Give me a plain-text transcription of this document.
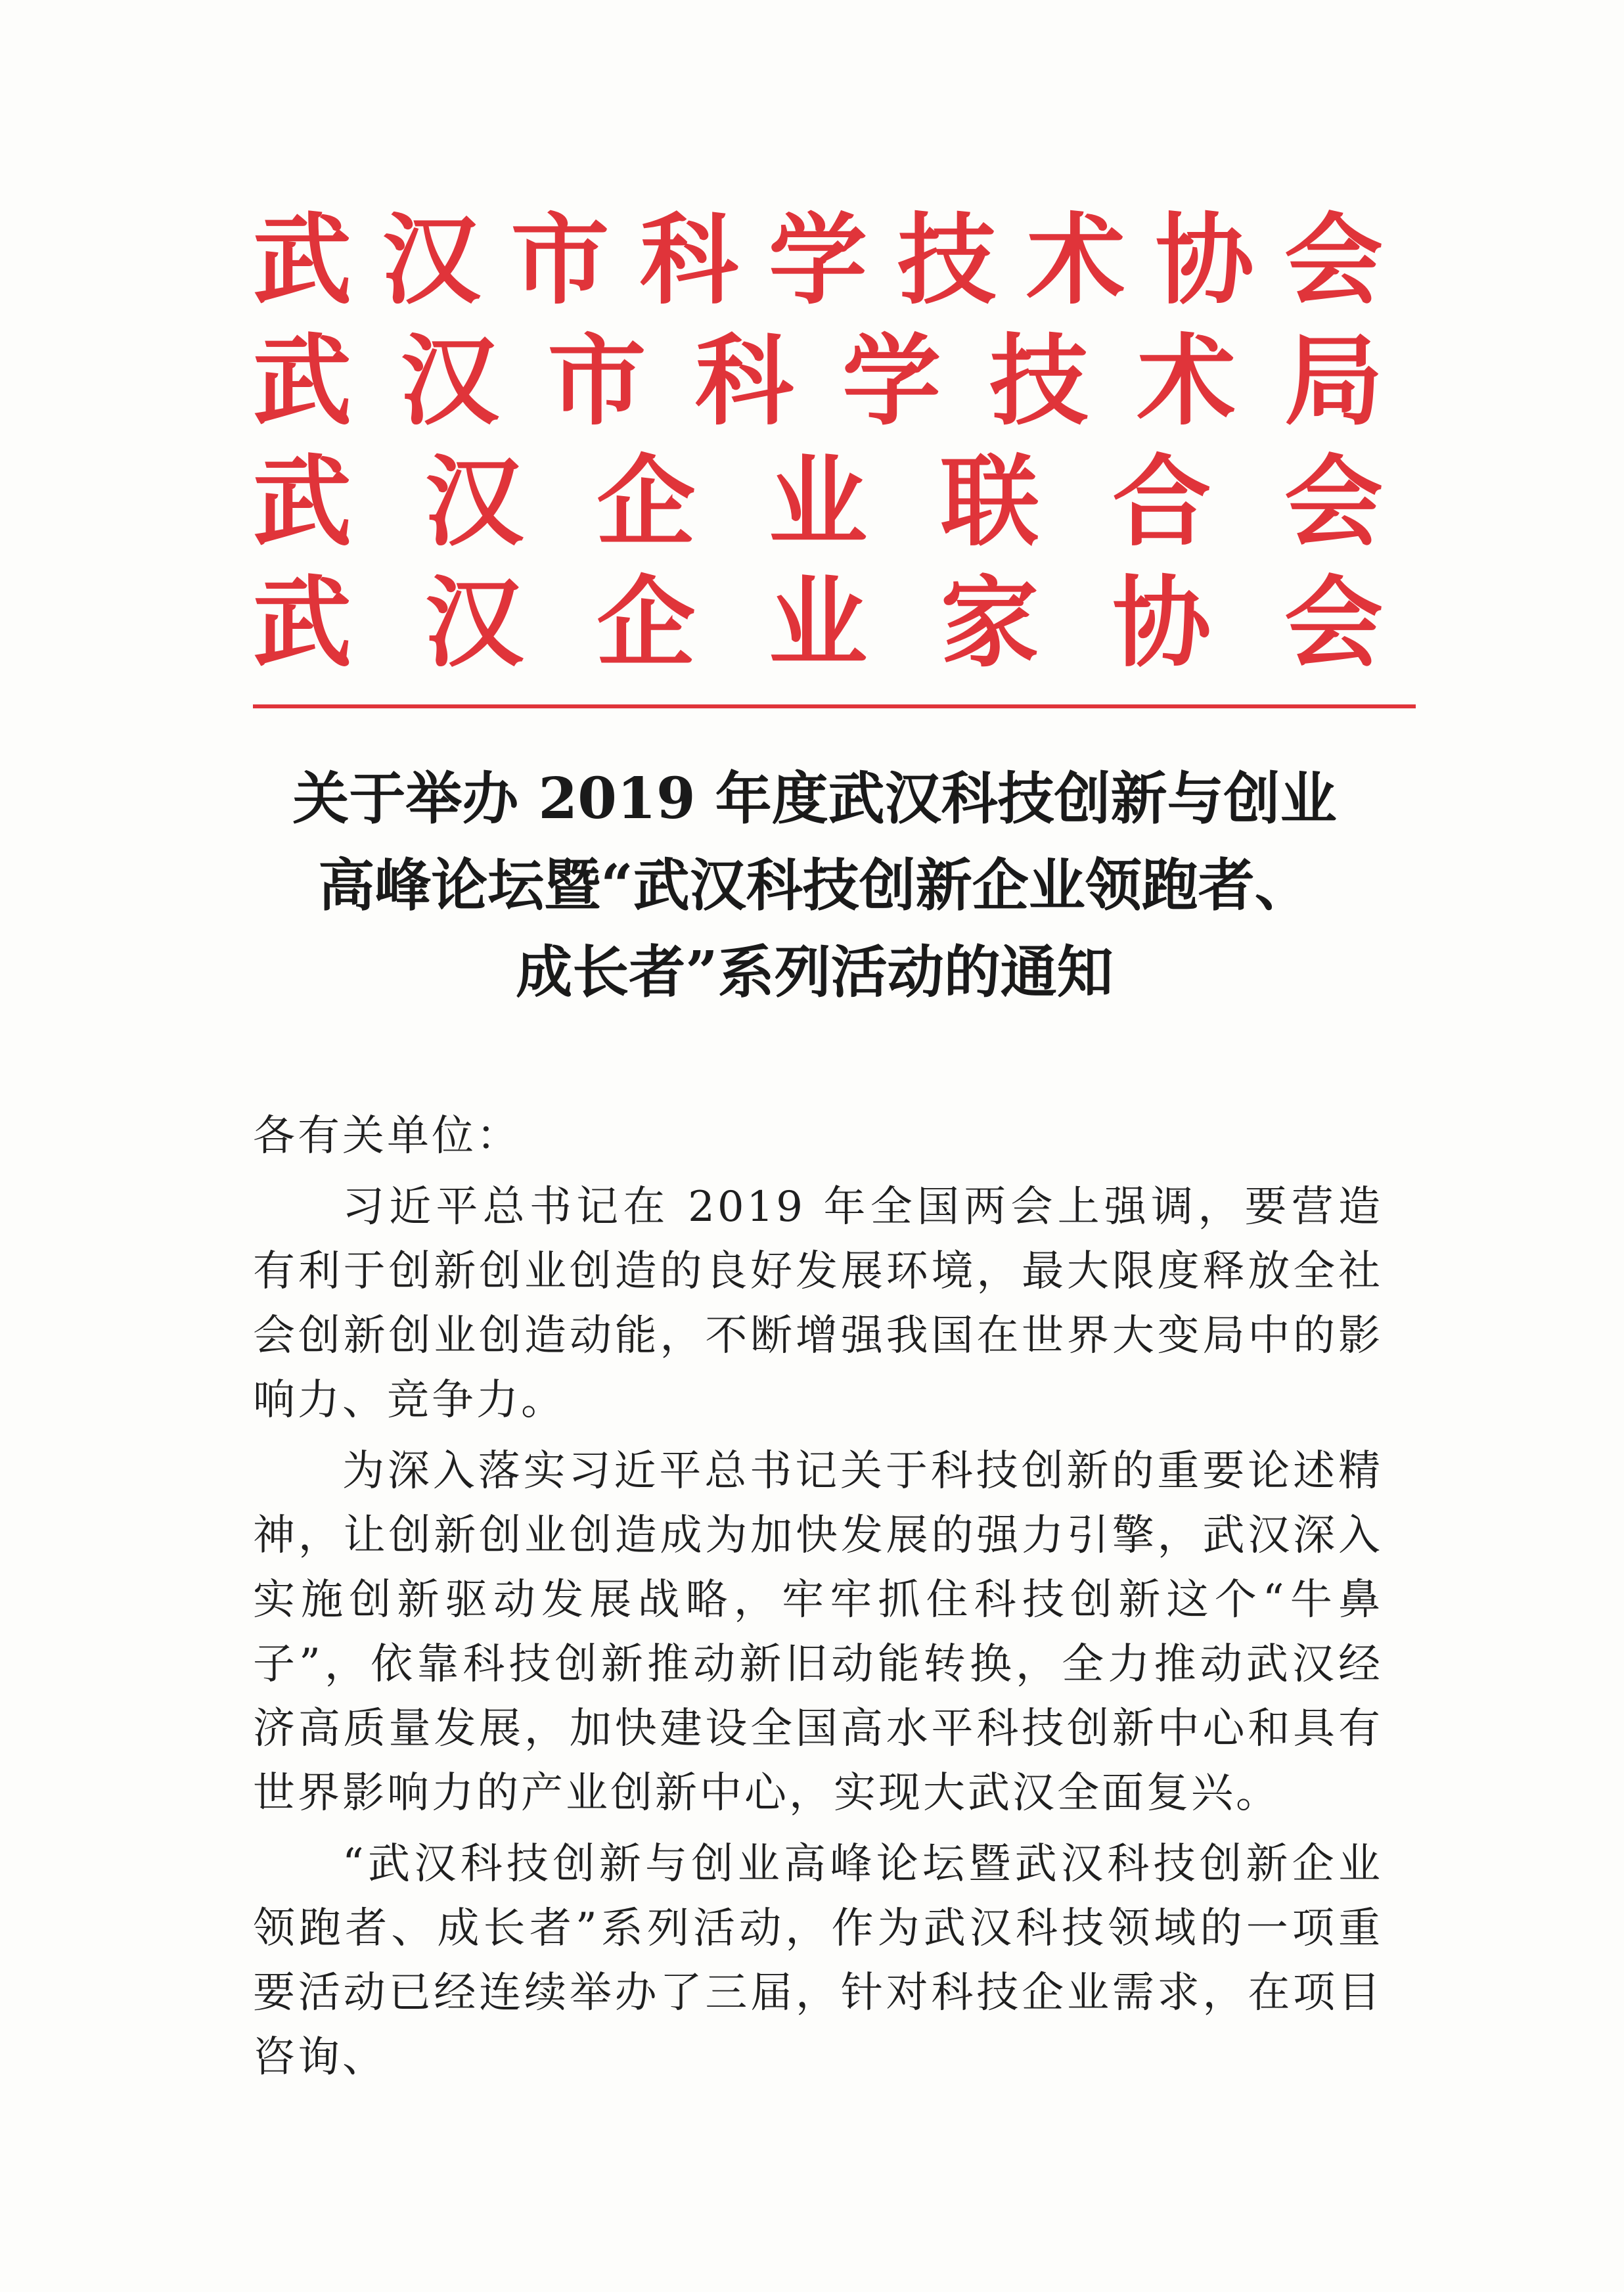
武 汉 市 科 学 技 术 协 会
武 汉 市 科 学 技 术 局
武 汉 企 业 联 合 会
武 汉 企 业 家 协 会
关于举办 2019 年度武汉科技创新与创业
高峰论坛暨“武汉科技创新企业领跑者、
成长者”系列活动的通知
各有关单位：

习近平总书记在 2019 年全国两会上强调，要营造有利于创新创业创造的良好发展环境，最大限度释放全社会创新创业创造动能，不断增强我国在世界大变局中的影响力、竞争力。

为深入落实习近平总书记关于科技创新的重要论述精神，让创新创业创造成为加快发展的强力引擎，武汉深入实施创新驱动发展战略，牢牢抓住科技创新这个“牛鼻子”，依靠科技创新推动新旧动能转换，全力推动武汉经济高质量发展，加快建设全国高水平科技创新中心和具有世界影响力的产业创新中心，实现大武汉全面复兴。

“武汉科技创新与创业高峰论坛暨武汉科技创新企业领跑者、成长者”系列活动，作为武汉科技领域的一项重要活动已经连续举办了三届，针对科技企业需求，在项目咨询、
